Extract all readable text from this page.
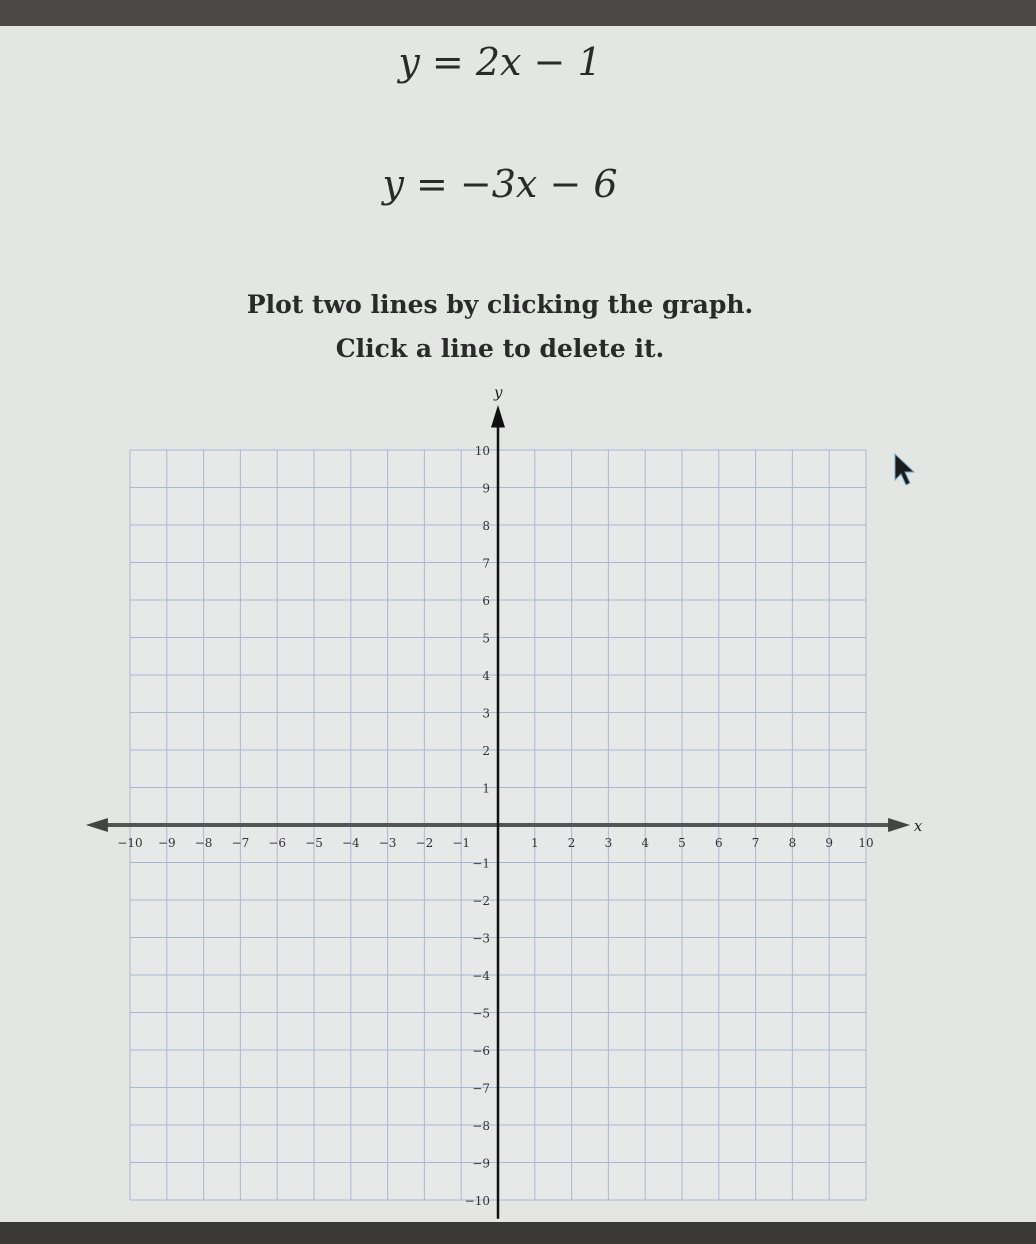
y = 2x − 1
y = −3x − 6
Plot two lines by clicking the graph.
Click a line to delete it.
x
y
−10 −9 −8 −7 −6 −5 −4 −3 −2 −1	1 2 3 4 5 6 7 8 9 10
10
9
8
7
6
5
4
3
2
1
−1
−2
−3
−4
−5
−6
−7
−8
−9
−10
